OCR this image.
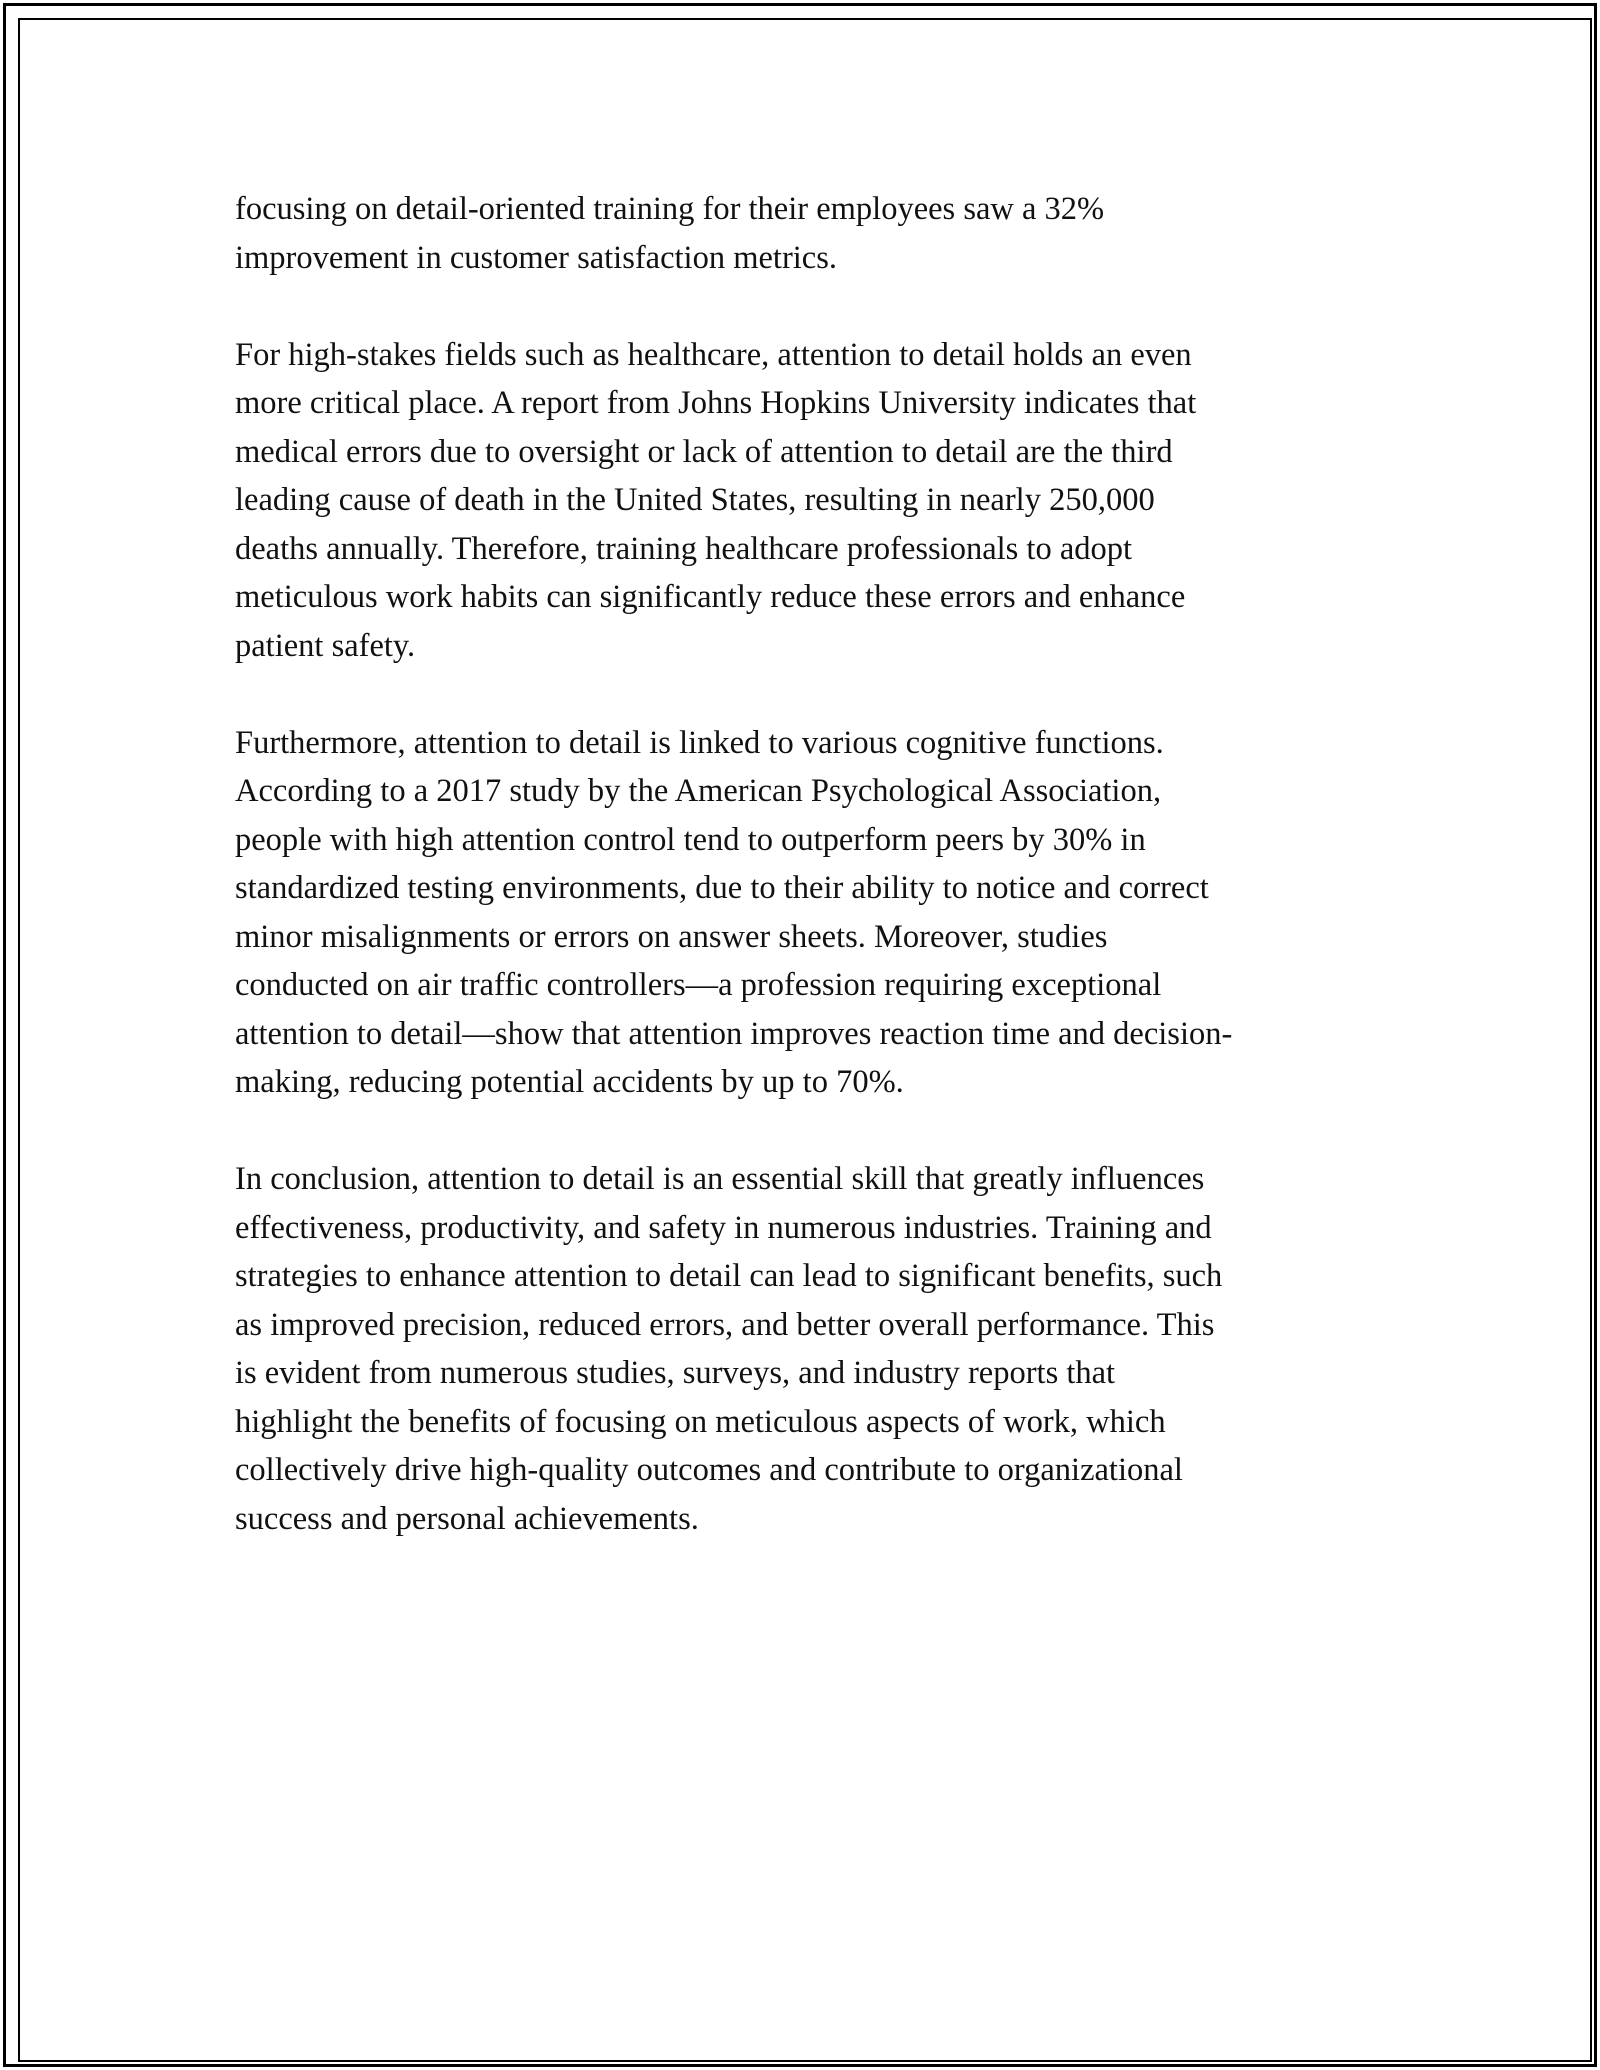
focusing on detail-oriented training for their employees saw a 32%
improvement in customer satisfaction metrics.

For high-stakes fields such as healthcare, attention to detail holds an even
more critical place. A report from Johns Hopkins University indicates that
medical errors due to oversight or lack of attention to detail are the third
leading cause of death in the United States, resulting in nearly 250,000
deaths annually. Therefore, training healthcare professionals to adopt
meticulous work habits can significantly reduce these errors and enhance
patient safety.

Furthermore, attention to detail is linked to various cognitive functions.
According to a 2017 study by the American Psychological Association,
people with high attention control tend to outperform peers by 30% in
standardized testing environments, due to their ability to notice and correct
minor misalignments or errors on answer sheets. Moreover, studies
conducted on air traffic controllers—a profession requiring exceptional
attention to detail—show that attention improves reaction time and decision-
making, reducing potential accidents by up to 70%.

In conclusion, attention to detail is an essential skill that greatly influences
effectiveness, productivity, and safety in numerous industries. Training and
strategies to enhance attention to detail can lead to significant benefits, such
as improved precision, reduced errors, and better overall performance. This
is evident from numerous studies, surveys, and industry reports that
highlight the benefits of focusing on meticulous aspects of work, which
collectively drive high-quality outcomes and contribute to organizational
success and personal achievements.
